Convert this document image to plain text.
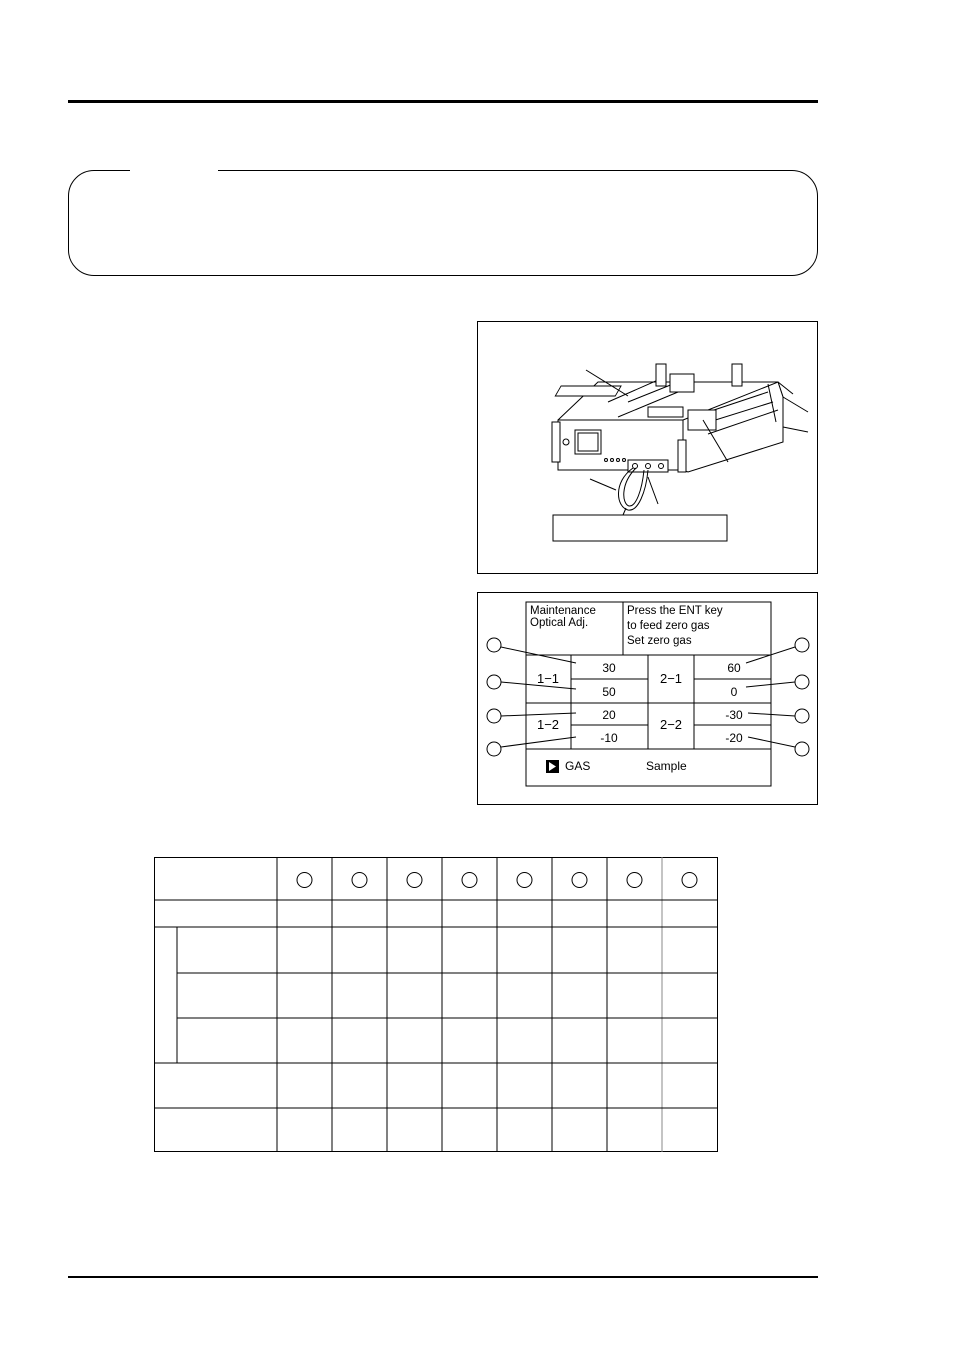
Maintenance
Optical Adj.
Press the ENT key
to feed zero gas
Set zero gas
1−1
1−2
2−1
2−2
30
50
20
-10
60
0
-30
-20
GAS	Sample
